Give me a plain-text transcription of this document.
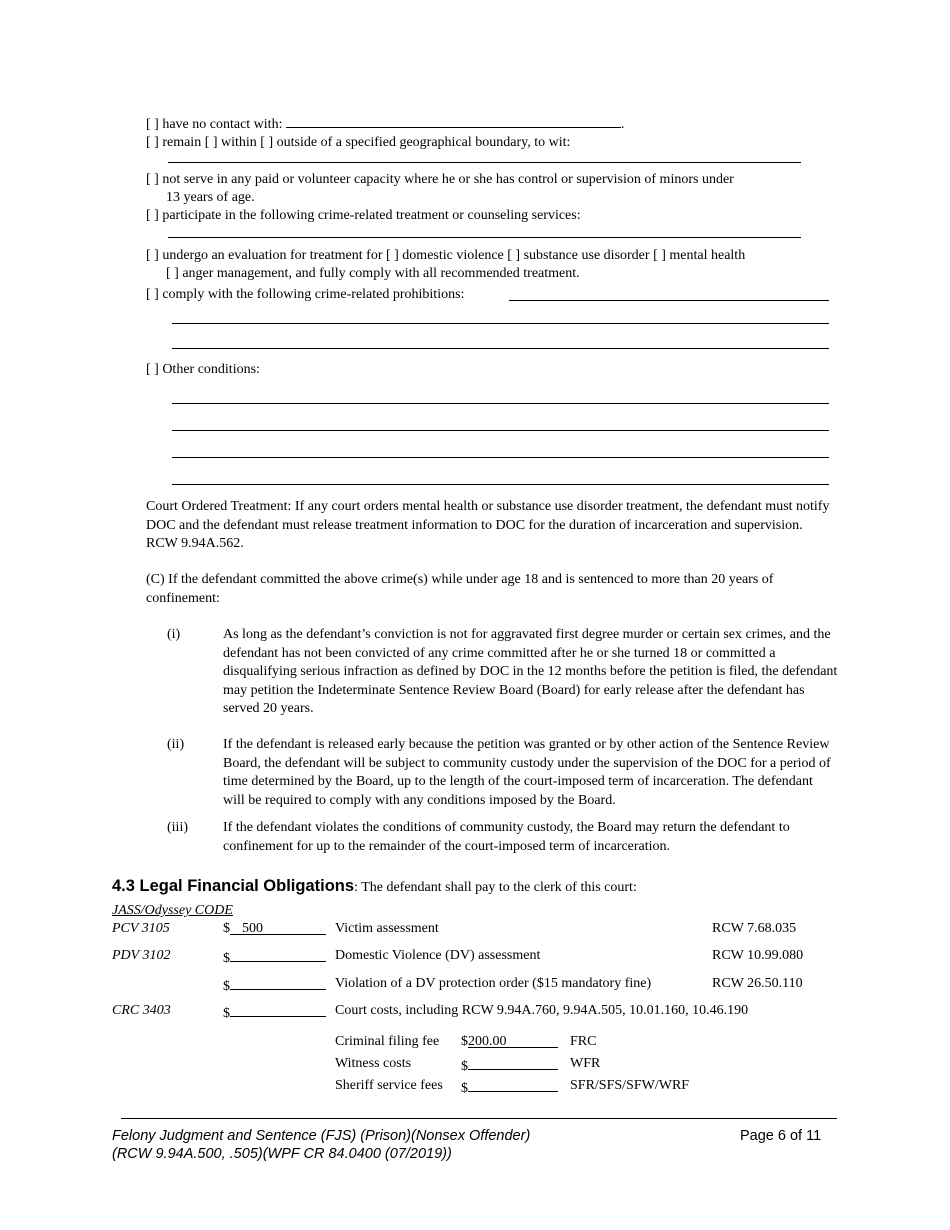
[ ] have no contact with:	.
[ ] remain [ ] within [ ] outside of a specified geographical boundary, to wit:
[ ] not serve in any paid or volunteer capacity where he or she has control or supervision of minors under
13 years of age.
[ ] participate in the following crime-related treatment or counseling services:
[ ] undergo an evaluation for treatment for [ ] domestic violence [ ] substance use disorder [ ] mental health
[ ] anger management, and fully comply with all recommended treatment.
[ ] comply with the following crime-related prohibitions:
[ ] Other conditions:
Court Ordered Treatment: If any court orders mental health or substance use disorder treatment, the defendant must notify DOC and the defendant must release treatment information to DOC for the duration of incarceration and supervision. RCW 9.94A.562.
(C) If the defendant committed the above crime(s) while under age 18 and is sentenced to more than 20 years of confinement:
(i)	As long as the defendant’s conviction is not for aggravated first degree murder or certain sex crimes, and the defendant has not been convicted of any crime committed after he or she turned 18 or committed a disqualifying serious infraction as defined by DOC in the 12 months before the petition is filed, the defendant may petition the Indeterminate Sentence Review Board (Board) for early release after the defendant has served 20 years.
(ii)	If the defendant is released early because the petition was granted or by other action of the Sentence Review Board, the defendant will be subject to community custody under the supervision of the DOC for a period of time determined by the Board, up to the length of the court-imposed term of incarceration. The defendant will be required to comply with any conditions imposed by the Board.
(iii)	If the defendant violates the conditions of community custody, the Board may return the defendant to confinement for up to the remainder of the court-imposed term of incarceration.
4.3 Legal Financial Obligations: The defendant shall pay to the clerk of this court:
JASS/Odyssey CODE
PCV 3105	$ 500	Victim assessment	RCW 7.68.035
PDV 3102	$	Domestic Violence (DV) assessment	RCW 10.99.080
$	Violation of a DV protection order ($15 mandatory fine)	RCW 26.50.110
CRC 3403	$	Court costs, including RCW 9.94A.760, 9.94A.505, 10.01.160, 10.46.190
Criminal filing fee $200.00	FRC
Witness costs	$	WFR
Sheriff service fees $	SFR/SFS/SFW/WRF
Felony Judgment and Sentence (FJS) (Prison)(Nonsex Offender)
(RCW 9.94A.500, .505)(WPF CR 84.0400 (07/2019))
Page 6 of 11
